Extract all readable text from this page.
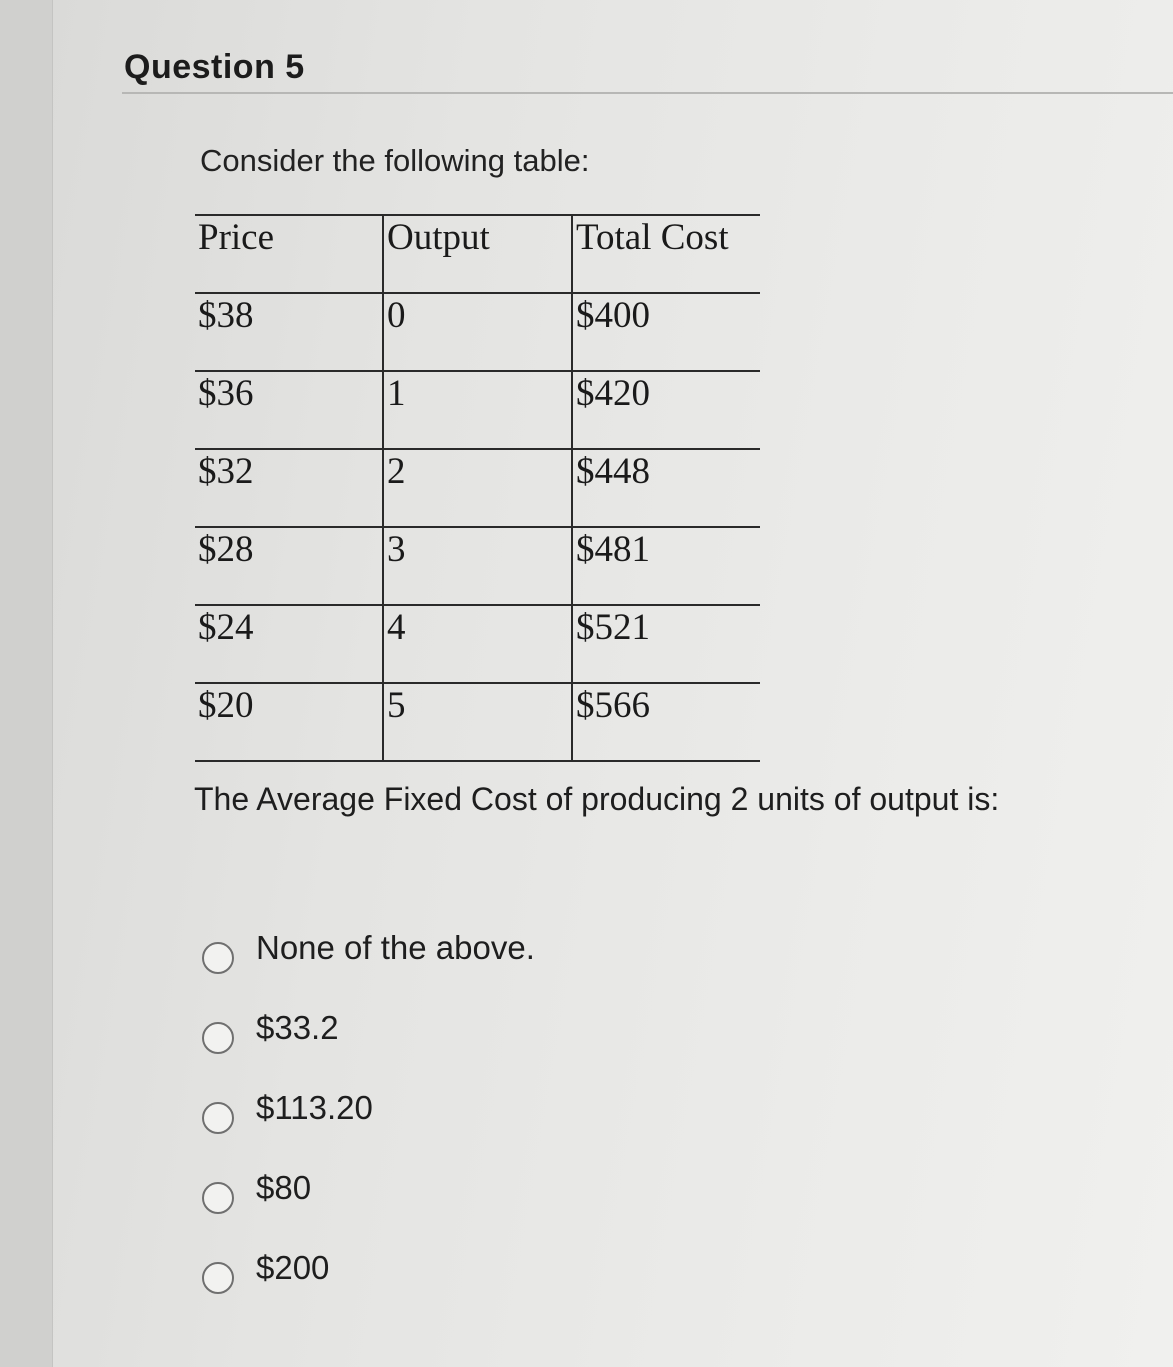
Question 5
Consider the following table:
Price	Output	Total Cost
$38	0	$400
$36	1	$420
$32	2	$448
$28	3	$481
$24	4	$521
$20	5	$566
The Average Fixed Cost of producing 2 units of output is:
None of the above.
$33.2
$113.20
$80
$200
